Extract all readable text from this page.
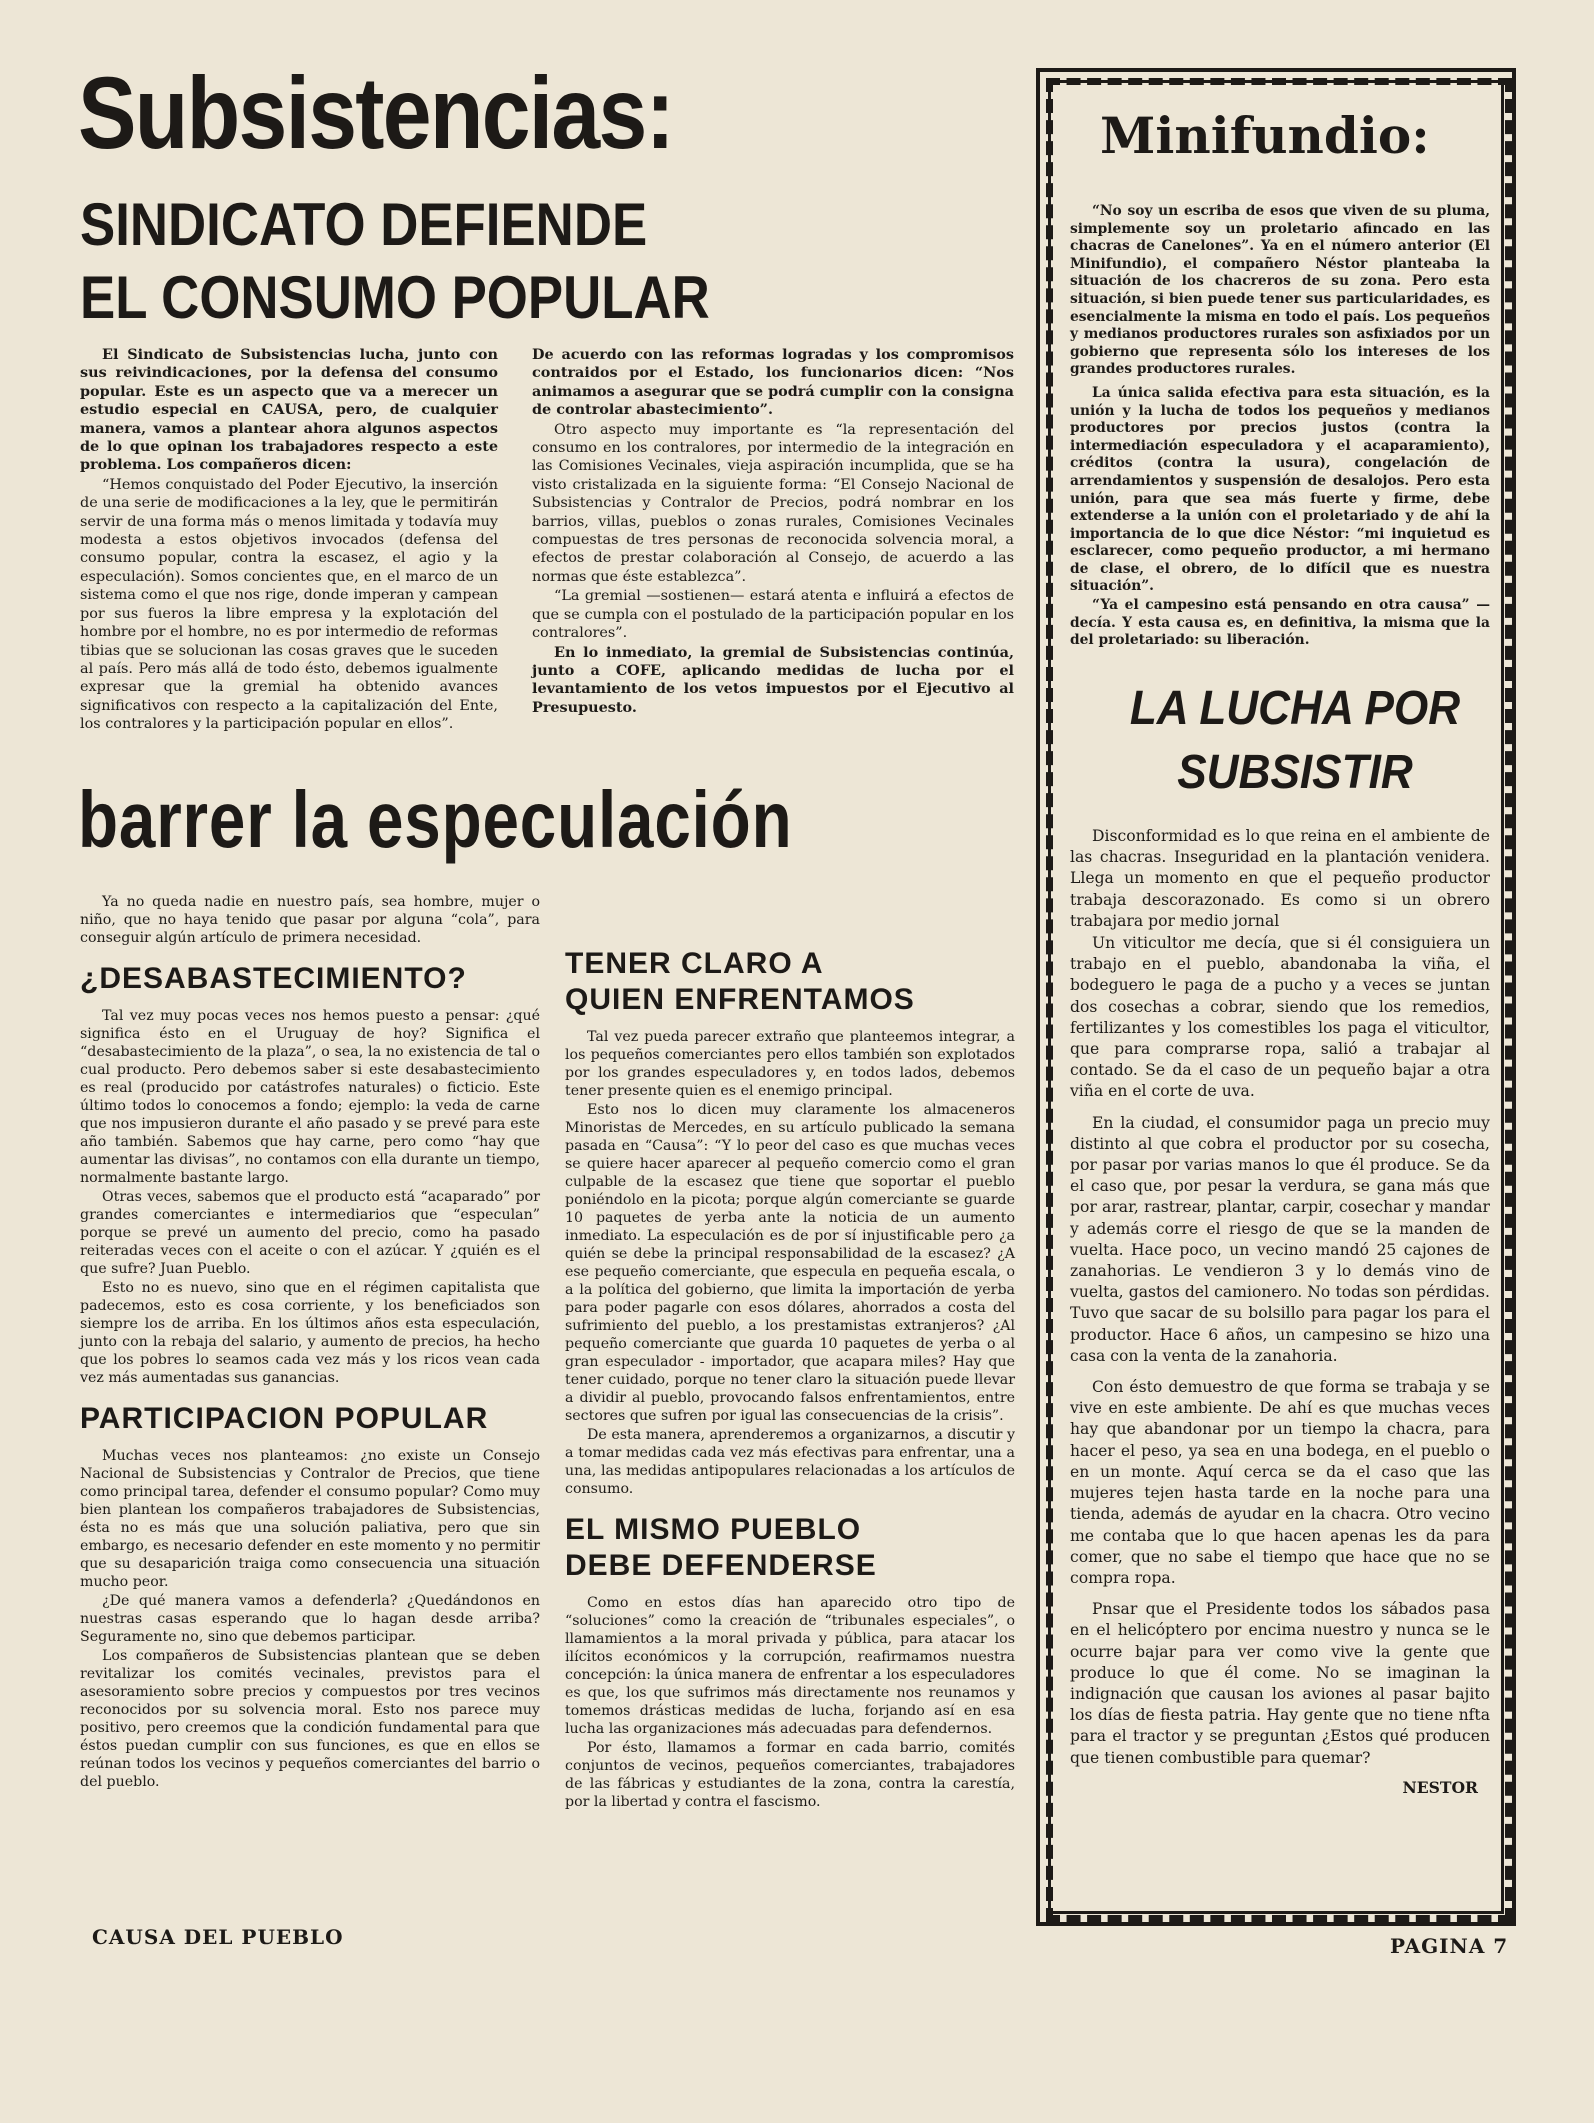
Subsistencias:
SINDICATO DEFIENDE
EL CONSUMO POPULAR

El Sindicato de Subsistencias lucha, junto con sus reivindicaciones, por la defensa del consumo popular. Este es un aspecto que va a merecer un estudio especial en CAUSA, pero, de cualquier manera, vamos a plantear ahora algunos aspectos de lo que opinan los trabajadores respecto a este problema. Los compañeros dicen:

“Hemos conquistado del Poder Ejecutivo, la inserción de una serie de modificaciones a la ley, que le permitirán servir de una forma más o menos limitada y todavía muy modesta a estos objetivos invocados (defensa del consumo popular, contra la escasez, el agio y la especulación). Somos concientes que, en el marco de un sistema como el que nos rige, donde imperan y campean por sus fueros la libre empresa y la explotación del hombre por el hombre, no es por intermedio de reformas tibias que se solucionan las cosas graves que le suceden al país. Pero más allá de todo ésto, debemos igualmente expresar que la gremial ha obtenido avances significativos con respecto a la capitalización del Ente, los contralores y la participación popular en ellos”.

De acuerdo con las reformas logradas y los compromisos contraidos por el Estado, los funcionarios dicen: “Nos animamos a asegurar que se podrá cumplir con la consigna de controlar abastecimiento”.

Otro aspecto muy importante es “la representación del consumo en los contralores, por intermedio de la integración en las Comisiones Vecinales, vieja aspiración incumplida, que se ha visto cristalizada en la siguiente forma: “El Consejo Nacional de Subsistencias y Contralor de Precios, podrá nombrar en los barrios, villas, pueblos o zonas rurales, Comisiones Vecinales compuestas de tres personas de reconocida solvencia moral, a efectos de prestar colaboración al Consejo, de acuerdo a las normas que éste establezca”.

“La gremial —sostienen— estará atenta e influirá a efectos de que se cumpla con el postulado de la participación popular en los contralores”.

En lo inmediato, la gremial de Subsistencias continúa, junto a COFE, aplicando medidas de lucha por el levantamiento de los vetos impuestos por el Ejecutivo al Presupuesto.

barrer la especulación

Ya no queda nadie en nuestro país, sea hombre, mujer o niño, que no haya tenido que pasar por alguna “cola”, para conseguir algún artículo de primera necesidad.

¿DESABASTECIMIENTO?

Tal vez muy pocas veces nos hemos puesto a pensar: ¿qué significa ésto en el Uruguay de hoy? Significa el “desabastecimiento de la plaza”, o sea, la no existencia de tal o cual producto. Pero debemos saber si este desabastecimiento es real (producido por catástrofes naturales) o ficticio. Este último todos lo conocemos a fondo; ejemplo: la veda de carne que nos impusieron durante el año pasado y se prevé para este año también. Sabemos que hay carne, pero como “hay que aumentar las divisas”, no contamos con ella durante un tiempo, normalmente bastante largo.

Otras veces, sabemos que el producto está “acaparado” por grandes comerciantes e intermediarios que “especulan” porque se prevé un aumento del precio, como ha pasado reiteradas veces con el aceite o con el azúcar. Y ¿quién es el que sufre? Juan Pueblo.

Esto no es nuevo, sino que en el régimen capitalista que padecemos, esto es cosa corriente, y los beneficiados son siempre los de arriba. En los últimos años esta especulación, junto con la rebaja del salario, y aumento de precios, ha hecho que los pobres lo seamos cada vez más y los ricos vean cada vez más aumentadas sus ganancias.

PARTICIPACION POPULAR

Muchas veces nos planteamos: ¿no existe un Consejo Nacional de Subsistencias y Contralor de Precios, que tiene como principal tarea, defender el consumo popular? Como muy bien plantean los compañeros trabajadores de Subsistencias, ésta no es más que una solución paliativa, pero que sin embargo, es necesario defender en este momento y no permitir que su desaparición traiga como consecuencia una situación mucho peor.

¿De qué manera vamos a defenderla? ¿Quedándonos en nuestras casas esperando que lo hagan desde arriba? Seguramente no, sino que debemos participar.

Los compañeros de Subsistencias plantean que se deben revitalizar los comités vecinales, previstos para el asesoramiento sobre precios y compuestos por tres vecinos reconocidos por su solvencia moral. Esto nos parece muy positivo, pero creemos que la condición fundamental para que éstos puedan cumplir con sus funciones, es que en ellos se reúnan todos los vecinos y pequeños comerciantes del barrio o del pueblo.

TENER CLARO A
QUIEN ENFRENTAMOS

Tal vez pueda parecer extraño que planteemos integrar, a los pequeños comerciantes pero ellos también son explotados por los grandes especuladores y, en todos lados, debemos tener presente quien es el enemigo principal.

Esto nos lo dicen muy claramente los almaceneros Minoristas de Mercedes, en su artículo publicado la semana pasada en “Causa”: “Y lo peor del caso es que muchas veces se quiere hacer aparecer al pequeño comercio como el gran culpable de la escasez que tiene que soportar el pueblo poniéndolo en la picota; porque algún comerciante se guarde 10 paquetes de yerba ante la noticia de un aumento inmediato. La especulación es de por sí injustificable pero ¿a quién se debe la principal responsabilidad de la escasez? ¿A ese pequeño comerciante, que especula en pequeña escala, o a la política del gobierno, que limita la importación de yerba para poder pagarle con esos dólares, ahorrados a costa del sufrimiento del pueblo, a los prestamistas extranjeros? ¿Al pequeño comerciante que guarda 10 paquetes de yerba o al gran especulador - importador, que acapara miles? Hay que tener cuidado, porque no tener claro la situación puede llevar a dividir al pueblo, provocando falsos enfrentamientos, entre sectores que sufren por igual las consecuencias de la crisis”.

De esta manera, aprenderemos a organizarnos, a discutir y a tomar medidas cada vez más efectivas para enfrentar, una a una, las medidas antipopulares relacionadas a los artículos de consumo.

EL MISMO PUEBLO
DEBE DEFENDERSE

Como en estos días han aparecido otro tipo de “soluciones” como la creación de “tribunales especiales”, o llamamientos a la moral privada y pública, para atacar los ilícitos económicos y la corrupción, reafirmamos nuestra concepción: la única manera de enfrentar a los especuladores es que, los que sufrimos más directamente nos reunamos y tomemos drásticas medidas de lucha, forjando así en esa lucha las organizaciones más adecuadas para defendernos.

Por ésto, llamamos a formar en cada barrio, comités conjuntos de vecinos, pequeños comerciantes, trabajadores de las fábricas y estudiantes de la zona, contra la carestía, por la libertad y contra el fascismo.

Minifundio:

“No soy un escriba de esos que viven de su pluma, simplemente soy un proletario afincado en las chacras de Canelones”. Ya en el número anterior (El Minifundio), el compañero Néstor planteaba la situación de los chacreros de su zona. Pero esta situación, si bien puede tener sus particularidades, es esencialmente la misma en todo el país. Los pequeños y medianos productores rurales son asfixiados por un gobierno que representa sólo los intereses de los grandes productores rurales.

La única salida efectiva para esta situación, es la unión y la lucha de todos los pequeños y medianos productores por precios justos (contra la intermediación especuladora y el acaparamiento), créditos (contra la usura), congelación de arrendamientos y suspensión de desalojos. Pero esta unión, para que sea más fuerte y firme, debe extenderse a la unión con el proletariado y de ahí la importancia de lo que dice Néstor: “mi inquietud es esclarecer, como pequeño productor, a mi hermano de clase, el obrero, de lo difícil que es nuestra situación”.

“Ya el campesino está pensando en otra causa” —decía. Y esta causa es, en definitiva, la misma que la del proletariado: su liberación.

LA LUCHA POR
SUBSISTIR

Disconformidad es lo que reina en el ambiente de las chacras. Inseguridad en la plantación venidera. Llega un momento en que el pequeño productor trabaja descorazonado. Es como si un obrero trabajara por medio jornal

Un viticultor me decía, que si él consiguiera un trabajo en el pueblo, abandonaba la viña, el bodeguero le paga de a pucho y a veces se juntan dos cosechas a cobrar, siendo que los remedios, fertilizantes y los comestibles los paga el viticultor, que para comprarse ropa, salió a trabajar al contado. Se da el caso de un pequeño bajar a otra viña en el corte de uva.

En la ciudad, el consumidor paga un precio muy distinto al que cobra el productor por su cosecha, por pasar por varias manos lo que él produce. Se da el caso que, por pesar la verdura, se gana más que por arar, rastrear, plantar, carpir, cosechar y mandar y además corre el riesgo de que se la manden de vuelta. Hace poco, un vecino mandó 25 cajones de zanahorias. Le vendieron 3 y lo demás vino de vuelta, gastos del camionero. No todas son pérdidas. Tuvo que sacar de su bolsillo para pagar los para el productor. Hace 6 años, un campesino se hizo una casa con la venta de la zanahoria.

Con ésto demuestro de que forma se trabaja y se vive en este ambiente. De ahí es que muchas veces hay que abandonar por un tiempo la chacra, para hacer el peso, ya sea en una bodega, en el pueblo o en un monte. Aquí cerca se da el caso que las mujeres tejen hasta tarde en la noche para una tienda, además de ayudar en la chacra. Otro vecino me contaba que lo que hacen apenas les da para comer, que no sabe el tiempo que hace que no se compra ropa.

Pnsar que el Presidente todos los sábados pasa en el helicóptero por encima nuestro y nunca se le ocurre bajar para ver como vive la gente que produce lo que él come. No se imaginan la indignación que causan los aviones al pasar bajito los días de fiesta patria. Hay gente que no tiene nfta para el tractor y se preguntan ¿Estos qué producen que tienen combustible para quemar?

NESTOR
CAUSA DEL PUEBLO	PAGINA 7
